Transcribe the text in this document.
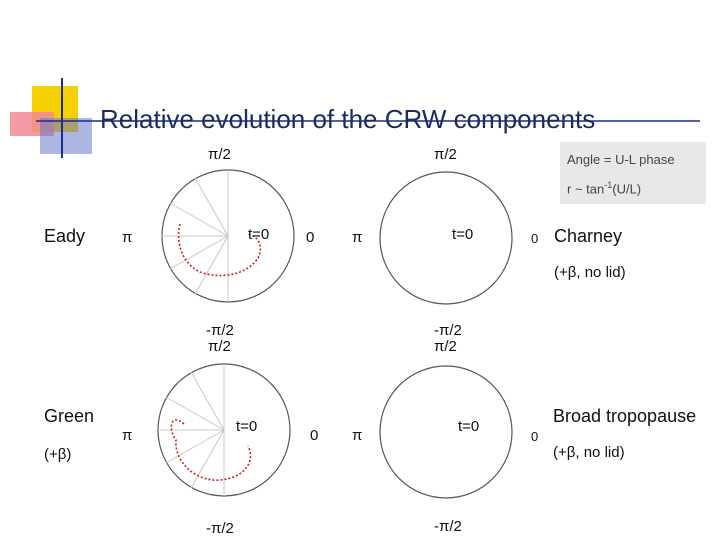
Relative evolution of the CRW components
Angle = U-L phase
r ~ $\tan^{-1}(U/L)$
π/2
π	t=0 0
-π/2
π/2
π	t=0	0
-π/2
π/2
π
t=0
0
-π/2
π/2
π
t=0
0
-π/2
Eady	Charney
(+β, no lid)
Green
(+β)
Broad tropopause
(+β, no lid)
